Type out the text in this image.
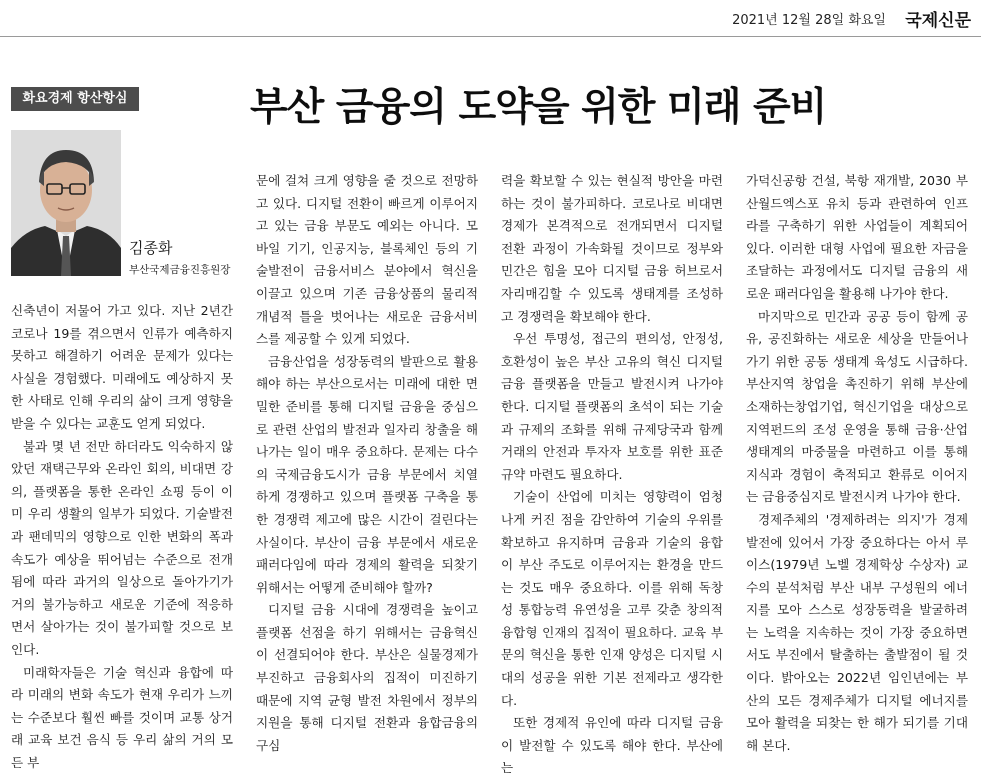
2021년 12월 28일 화요일 국제신문
화요경제 항산항심	부산 금융의 도약을 위한 미래 준비
김종화
부산국제금융진흥원장

신축년이 저물어 가고 있다. 지난 2년간 코로나 19를 겪으면서 인류가 예측하지 못하고 해결하기 어려운 문제가 있다는 사실을 경험했다. 미래에도 예상하지 못한 사태로 인해 우리의 삶이 크게 영향을 받을 수 있다는 교훈도 얻게 되었다.

불과 몇 년 전만 하더라도 익숙하지 않았던 재택근무와 온라인 회의, 비대면 강의, 플랫폼을 통한 온라인 쇼핑 등이 이미 우리 생활의 일부가 되었다. 기술발전과 팬데믹의 영향으로 인한 변화의 폭과 속도가 예상을 뛰어넘는 수준으로 전개됨에 따라 과거의 일상으로 돌아가기가 거의 불가능하고 새로운 기준에 적응하면서 살아가는 것이 불가피할 것으로 보인다.

미래학자들은 기술 혁신과 융합에 따라 미래의 변화 속도가 현재 우리가 느끼는 수준보다 훨씬 빠를 것이며 교통 상거래 교육 보건 음식 등 우리 삶의 거의 모든 부

문에 걸쳐 크게 영향을 줄 것으로 전망하고 있다. 디지털 전환이 빠르게 이루어지고 있는 금융 부문도 예외는 아니다. 모바일 기기, 인공지능, 블록체인 등의 기술발전이 금융서비스 분야에서 혁신을 이끌고 있으며 기존 금융상품의 물리적 개념적 틀을 벗어나는 새로운 금융서비스를 제공할 수 있게 되었다.

금융산업을 성장동력의 발판으로 활용해야 하는 부산으로서는 미래에 대한 면밀한 준비를 통해 디지털 금융을 중심으로 관련 산업의 발전과 일자리 창출을 해 나가는 일이 매우 중요하다. 문제는 다수의 국제금융도시가 금융 부문에서 치열하게 경쟁하고 있으며 플랫폼 구축을 통한 경쟁력 제고에 많은 시간이 걸린다는 사실이다. 부산이 금융 부문에서 새로운 패러다임에 따라 경제의 활력을 되찾기 위해서는 어떻게 준비해야 할까?

디지털 금융 시대에 경쟁력을 높이고 플랫폼 선점을 하기 위해서는 금융혁신이 선결되어야 한다. 부산은 실물경제가 부진하고 금융회사의 집적이 미진하기 때문에 지역 균형 발전 차원에서 정부의 지원을 통해 디지털 전환과 융합금융의 구심

력을 확보할 수 있는 현실적 방안을 마련하는 것이 불가피하다. 코로나로 비대면 경제가 본격적으로 전개되면서 디지털 전환 과정이 가속화될 것이므로 정부와 민간은 힘을 모아 디지털 금융 허브로서 자리매김할 수 있도록 생태계를 조성하고 경쟁력을 확보해야 한다.

우선 투명성, 접근의 편의성, 안정성, 호환성이 높은 부산 고유의 혁신 디지털 금융 플랫폼을 만들고 발전시켜 나가야 한다. 디지털 플랫폼의 초석이 되는 기술과 규제의 조화를 위해 규제당국과 함께 거래의 안전과 투자자 보호를 위한 표준 규약 마련도 필요하다.

기술이 산업에 미치는 영향력이 엄청나게 커진 점을 감안하여 기술의 우위를 확보하고 유지하며 금융과 기술의 융합이 부산 주도로 이루어지는 환경을 만드는 것도 매우 중요하다. 이를 위해 독창성 통합능력 유연성을 고루 갖춘 창의적 융합형 인재의 집적이 필요하다. 교육 부문의 혁신을 통한 인재 양성은 디지털 시대의 성공을 위한 기본 전제라고 생각한다.

또한 경제적 유인에 따라 디지털 금융이 발전할 수 있도록 해야 한다. 부산에는

가덕신공항 건설, 북항 재개발, 2030 부산월드엑스포 유치 등과 관련하여 인프라를 구축하기 위한 사업들이 계획되어 있다. 이러한 대형 사업에 필요한 자금을 조달하는 과정에서도 디지털 금융의 새로운 패러다임을 활용해 나가야 한다.

마지막으로 민간과 공공 등이 함께 공유, 공진화하는 새로운 세상을 만들어나가기 위한 공동 생태계 육성도 시급하다. 부산지역 창업을 촉진하기 위해 부산에 소재하는창업기업, 혁신기업을 대상으로 지역펀드의 조성 운영을 통해 금융·산업 생태계의 마중물을 마련하고 이를 통해 지식과 경험이 축적되고 환류로 이어지는 금융중심지로 발전시켜 나가야 한다.

경제주체의 '경제하려는 의지'가 경제 발전에 있어서 가장 중요하다는 아서 루이스(1979년 노벨 경제학상 수상자) 교수의 분석처럼 부산 내부 구성원의 에너지를 모아 스스로 성장동력을 발굴하려는 노력을 지속하는 것이 가장 중요하면서도 부진에서 탈출하는 출발점이 될 것이다. 밝아오는 2022년 임인년에는 부산의 모든 경제주체가 디지털 에너지를 모아 활력을 되찾는 한 해가 되기를 기대해 본다.
